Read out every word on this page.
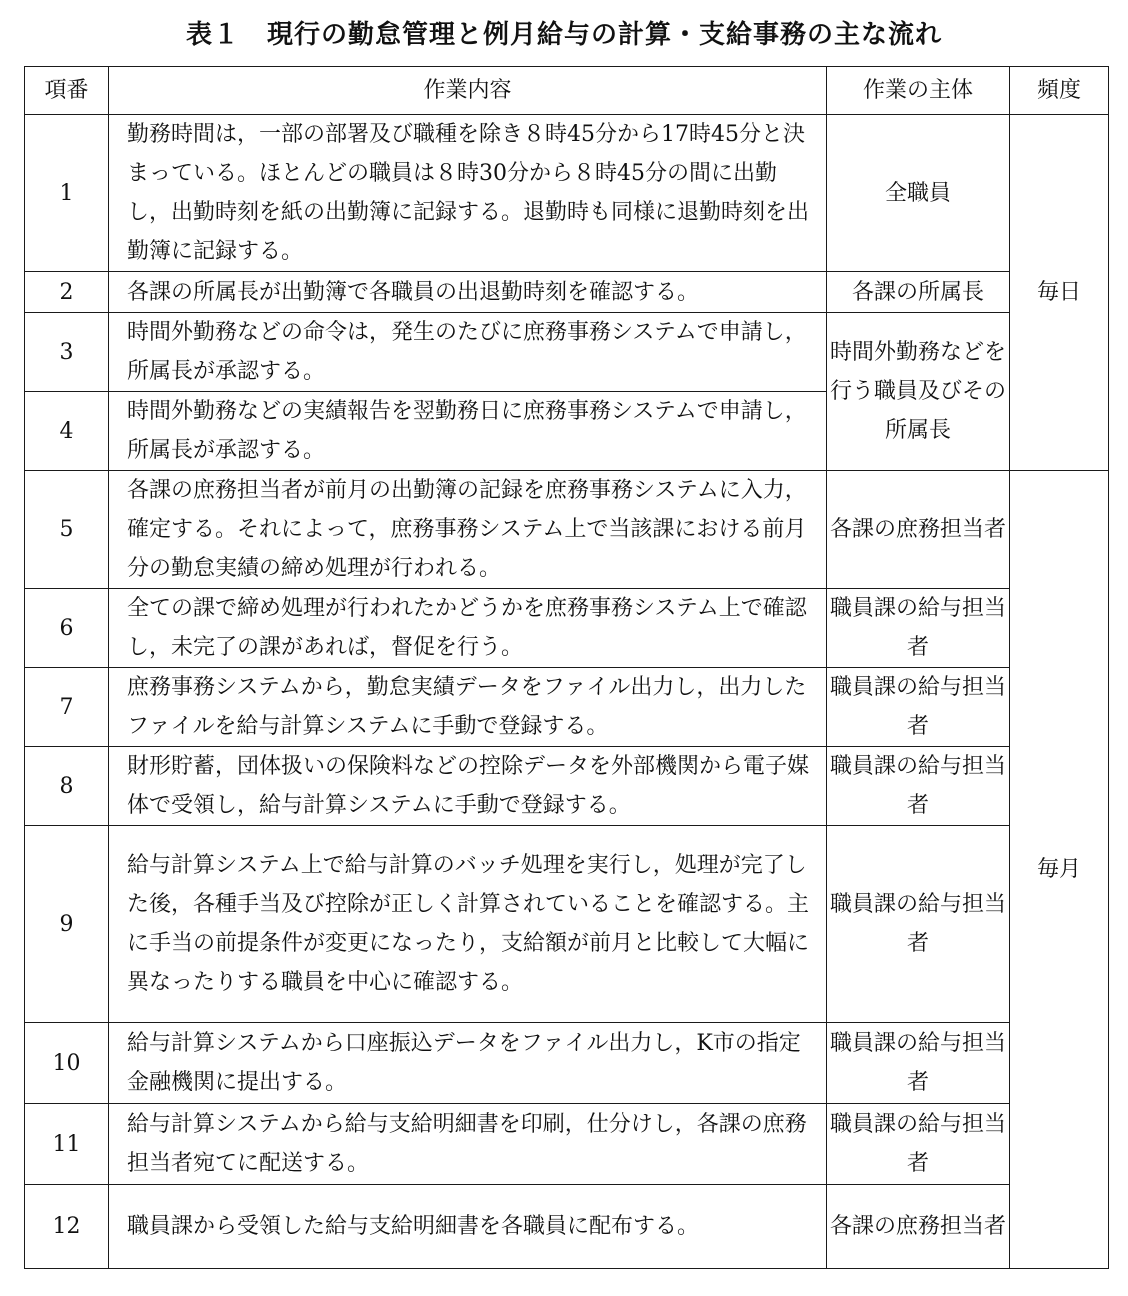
表１　現行の勤怠管理と例月給与の計算・支給事務の主な流れ
項番	作業内容	作業の主体	頻度
1	勤務時間は，一部の部署及び職種を除き８時45分から17時45分と決まっている。ほとんどの職員は８時30分から８時45分の間に出勤し，出勤時刻を紙の出勤簿に記録する。退勤時も同様に退勤時刻を出勤簿に記録する。	全職員	毎日
2	各課の所属長が出勤簿で各職員の出退勤時刻を確認する。	各課の所属長	
3	時間外勤務などの命令は，発生のたびに庶務事務システムで申請し，所属長が承認する。	時間外勤務などを行う職員及びその所属長	
4	時間外勤務などの実績報告を翌勤務日に庶務事務システムで申請し，所属長が承認する。		
5	各課の庶務担当者が前月の出勤簿の記録を庶務事務システムに入力，確定する。それによって，庶務事務システム上で当該課における前月分の勤怠実績の締め処理が行われる。	各課の庶務担当者	毎月
6	全ての課で締め処理が行われたかどうかを庶務事務システム上で確認し，未完了の課があれば，督促を行う。	職員課の給与担当者	
7	庶務事務システムから，勤怠実績データをファイル出力し，出力したファイルを給与計算システムに手動で登録する。	職員課の給与担当者	
8	財形貯蓄，団体扱いの保険料などの控除データを外部機関から電子媒体で受領し，給与計算システムに手動で登録する。	職員課の給与担当者	
9	給与計算システム上で給与計算のバッチ処理を実行し，処理が完了した後，各種手当及び控除が正しく計算されていることを確認する。主に手当の前提条件が変更になったり，支給額が前月と比較して大幅に異なったりする職員を中心に確認する。	職員課の給与担当者	
10	給与計算システムから口座振込データをファイル出力し，K市の指定金融機関に提出する。	職員課の給与担当者	
11	給与計算システムから給与支給明細書を印刷，仕分けし，各課の庶務担当者宛てに配送する。	職員課の給与担当者	
12	職員課から受領した給与支給明細書を各職員に配布する。	各課の庶務担当者	
